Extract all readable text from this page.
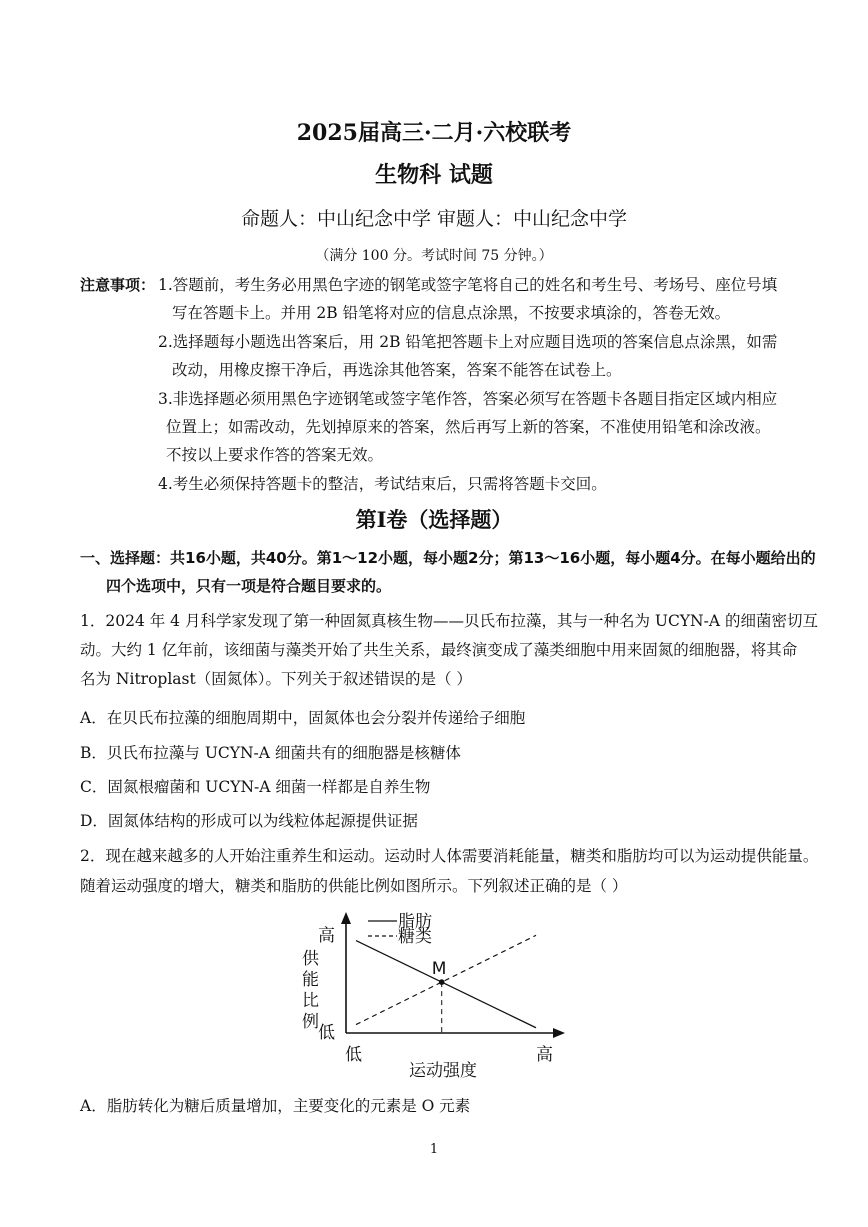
2025届高三·二月·六校联考
生物科 试题
命题人：中山纪念中学 审题人：中山纪念中学
（满分 100 分。考试时间 75 分钟。）
注意事项： 1.答题前，考生务必用黑色字迹的钢笔或签字笔将自己的姓名和考生号、考场号、座位号填
写在答题卡上。并用 2B 铅笔将对应的信息点涂黑，不按要求填涂的，答卷无效。
2.选择题每小题选出答案后，用 2B 铅笔把答题卡上对应题目选项的答案信息点涂黑，如需
改动，用橡皮擦干净后，再选涂其他答案，答案不能答在试卷上。
3.非选择题必须用黑色字迹钢笔或签字笔作答，答案必须写在答题卡各题目指定区域内相应
位置上；如需改动，先划掉原来的答案，然后再写上新的答案，不准使用铅笔和涂改液。
不按以上要求作答的答案无效。
4.考生必须保持答题卡的整洁，考试结束后，只需将答题卡交回。
第Ⅰ卷（选择题）
一、选择题：共16小题，共40分。第1～12小题，每小题2分；第13～16小题，每小题4分。在每小题给出的
四个选项中，只有一项是符合题目要求的。
1．2024 年 4 月科学家发现了第一种固氮真核生物——贝氏布拉藻，其与一种名为 UCYN-A 的细菌密切互
动。大约 1 亿年前，该细菌与藻类开始了共生关系，最终演变成了藻类细胞中用来固氮的细胞器，将其命
名为 Nitroplast（固氮体）。下列关于叙述错误的是（ ）
A．在贝氏布拉藻的细胞周期中，固氮体也会分裂并传递给子细胞
B．贝氏布拉藻与 UCYN-A 细菌共有的细胞器是核糖体
C．固氮根瘤菌和 UCYN-A 细菌一样都是自养生物
D．固氮体结构的形成可以为线粒体起源提供证据
2．现在越来越多的人开始注重养生和运动。运动时人体需要消耗能量，糖类和脂肪均可以为运动提供能量。
随着运动强度的增大，糖类和脂肪的供能比例如图所示。下列叙述正确的是（ ）
M
脂肪
糖类
高
低
供 能 比 例
低	高
运动强度
A．脂肪转化为糖后质量增加，主要变化的元素是 O 元素
1
